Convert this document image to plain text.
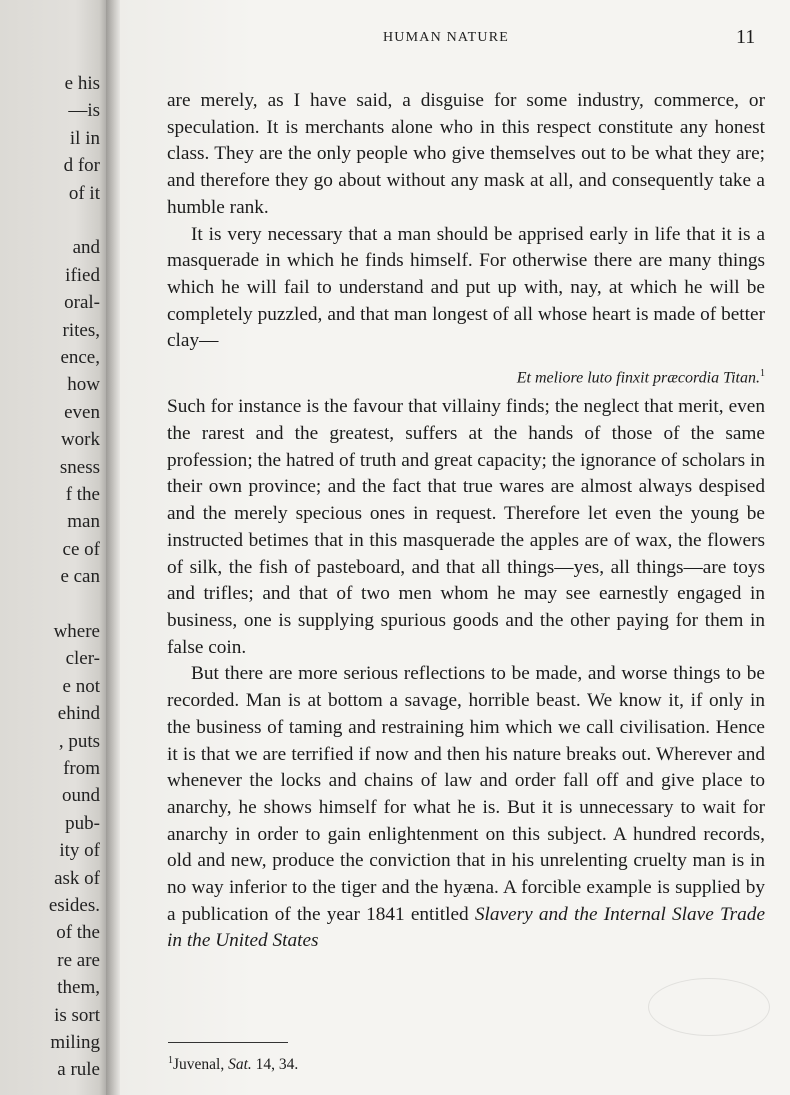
e his
—is
il in
d for
of it
and
ified
oral-
rites,
ence,
how
even
work
sness
f the
man
ce of
e can
where
cler-
e not
ehind
, puts
from
ound
pub-
ity of
ask of
esides.
of the
re are
them,
is sort
miling
a rule
HUMAN NATURE	11

are merely, as I have said, a disguise for some industry, commerce, or speculation. It is merchants alone who in this respect constitute any honest class. They are the only people who give themselves out to be what they are; and therefore they go about without any mask at all, and consequently take a humble rank.

It is very necessary that a man should be apprised early in life that it is a masquerade in which he finds himself. For otherwise there are many things which he will fail to understand and put up with, nay, at which he will be completely puzzled, and that man longest of all whose heart is made of better clay—

Et meliore luto finxit præcordia Titan.$^1$

Such for instance is the favour that villainy finds; the neglect that merit, even the rarest and the greatest, suffers at the hands of those of the same profession; the hatred of truth and great capacity; the ignorance of scholars in their own province; and the fact that true wares are almost always despised and the merely specious ones in request. Therefore let even the young be instructed betimes that in this masquerade the apples are of wax, the flowers of silk, the fish of pasteboard, and that all things—yes, all things—are toys and trifles; and that of two men whom he may see earnestly engaged in business, one is supplying spurious goods and the other paying for them in false coin.

But there are more serious reflections to be made, and worse things to be recorded. Man is at bottom a savage, horrible beast. We know it, if only in the business of taming and restraining him which we call civilisation. Hence it is that we are terrified if now and then his nature breaks out. Wherever and whenever the locks and chains of law and order fall off and give place to anarchy, he shows himself for what he is. But it is unnecessary to wait for anarchy in order to gain enlightenment on this subject. A hundred records, old and new, produce the conviction that in his unrelenting cruelty man is in no way inferior to the tiger and the hyæna. A forcible example is supplied by a publication of the year 1841 entitled Slavery and the Internal Slave Trade in the United States

$^1$Juvenal, Sat. 14, 34.
